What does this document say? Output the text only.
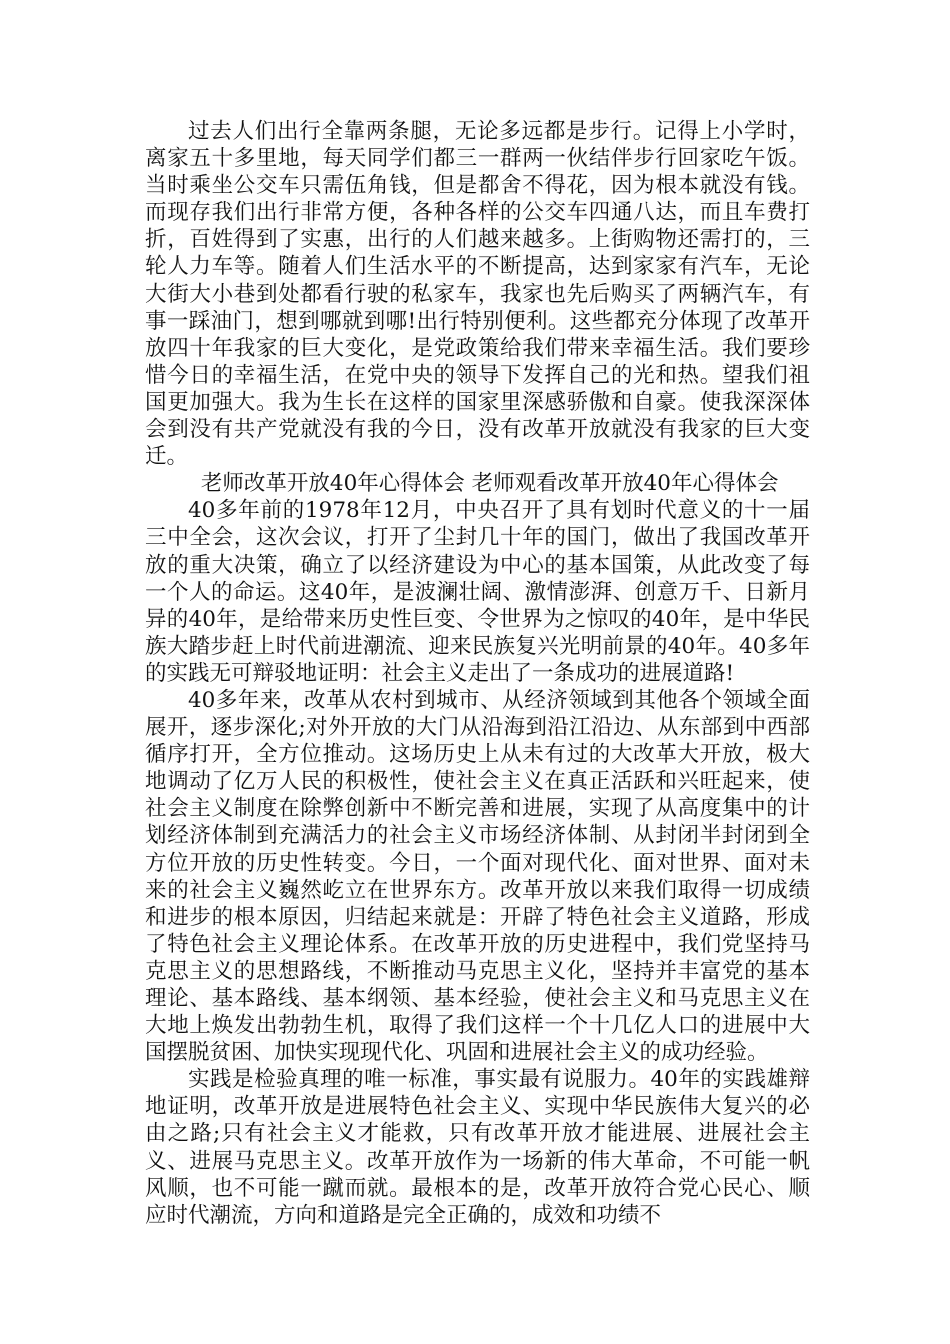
过去人们出行全靠两条腿，无论多远都是步行。记得上小学时，离家五十多里地，每天同学们都三一群两一伙结伴步行回家吃午饭。当时乘坐公交车只需伍角钱，但是都舍不得花，因为根本就没有钱。而现存我们出行非常方便，各种各样的公交车四通八达，而且车费打折，百姓得到了实惠，出行的人们越来越多。上街购物还需打的，三轮人力车等。随着人们生活水平的不断提高，达到家家有汽车，无论大街大小巷到处都看行驶的私家车，我家也先后购买了两辆汽车，有事一踩油门，想到哪就到哪!出行特别便利。这些都充分体现了改革开放四十年我家的巨大变化，是党政策给我们带来幸福生活。我们要珍惜今日的幸福生活，在党中央的领导下发挥自己的光和热。望我们祖国更加强大。我为生长在这样的国家里深感骄傲和自豪。使我深深体会到没有共产党就没有我的今日，没有改革开放就没有我家的巨大变迁。

老师改革开放40年心得体会 老师观看改革开放40年心得体会

40多年前的1978年12月，中央召开了具有划时代意义的十一届三中全会，这次会议，打开了尘封几十年的国门，做出了我国改革开放的重大决策，确立了以经济建设为中心的基本国策，从此改变了每一个人的命运。这40年，是波澜壮阔、激情澎湃、创意万千、日新月异的40年，是给带来历史性巨变、令世界为之惊叹的40年，是中华民族大踏步赶上时代前进潮流、迎来民族复兴光明前景的40年。40多年的实践无可辩驳地证明：社会主义走出了一条成功的进展道路!

40多年来，改革从农村到城市、从经济领域到其他各个领域全面展开，逐步深化;对外开放的大门从沿海到沿江沿边、从东部到中西部循序打开，全方位推动。这场历史上从未有过的大改革大开放，极大地调动了亿万人民的积极性，使社会主义在真正活跃和兴旺起来，使社会主义制度在除弊创新中不断完善和进展，实现了从高度集中的计划经济体制到充满活力的社会主义市场经济体制、从封闭半封闭到全方位开放的历史性转变。今日，一个面对现代化、面对世界、面对未来的社会主义巍然屹立在世界东方。改革开放以来我们取得一切成绩和进步的根本原因，归结起来就是：开辟了特色社会主义道路，形成了特色社会主义理论体系。在改革开放的历史进程中，我们党坚持马克思主义的思想路线，不断推动马克思主义化，坚持并丰富党的基本理论、基本路线、基本纲领、基本经验，使社会主义和马克思主义在大地上焕发出勃勃生机，取得了我们这样一个十几亿人口的进展中大国摆脱贫困、加快实现现代化、巩固和进展社会主义的成功经验。

实践是检验真理的唯一标准，事实最有说服力。40年的实践雄辩地证明，改革开放是进展特色社会主义、实现中华民族伟大复兴的必由之路;只有社会主义才能救，只有改革开放才能进展、进展社会主义、进展马克思主义。改革开放作为一场新的伟大革命，不可能一帆风顺，也不可能一蹴而就。最根本的是，改革开放符合党心民心、顺应时代潮流，方向和道路是完全正确的，成效和功绩不
